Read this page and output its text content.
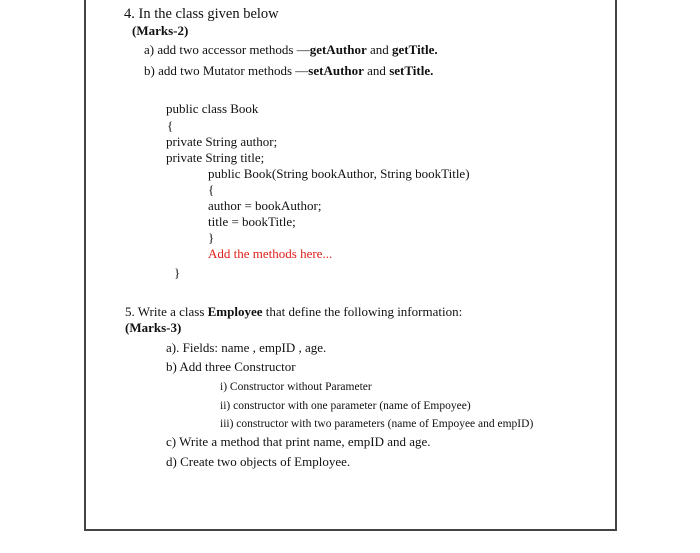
4. In the class given below
(Marks-2)
a) add two accessor methods —getAuthor and getTitle.
b) add two Mutator methods —setAuthor and setTitle.
public class Book
{
private String author;
private String title;
public Book(String bookAuthor, String bookTitle)
{
author = bookAuthor;
title = bookTitle;
}
Add the methods here...
}
5. Write a class Employee that define the following information:
(Marks-3)
a). Fields: name , empID , age.
b) Add three Constructor
i) Constructor without Parameter
ii) constructor with one parameter (name of Empoyee)
iii) constructor with two parameters (name of Empoyee and empID)
c) Write a method that print name, empID and age.
d) Create two objects of Employee.
